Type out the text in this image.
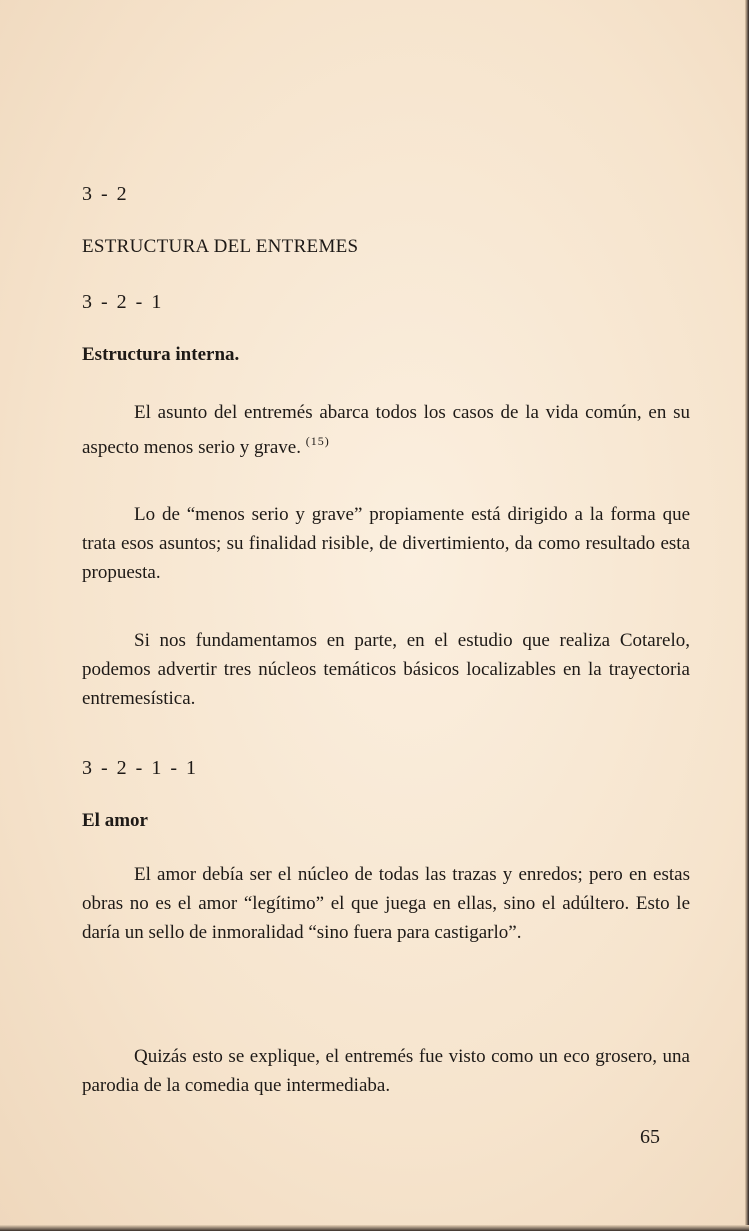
3 - 2
ESTRUCTURA DEL ENTREMES
3 - 2 - 1
Estructura interna.
El asunto del entremés abarca todos los casos de la vida común, en su aspecto menos serio y grave. $^{(15)}$
Lo de “menos serio y grave” propiamente está dirigido a la forma que trata esos asuntos; su finalidad risible, de divertimiento, da como resultado esta propuesta.
Si nos fundamentamos en parte, en el estudio que realiza Cotarelo, podemos advertir tres núcleos temáticos básicos localizables en la trayectoria entremesística.
3 - 2 - 1 - 1
El amor
El amor debía ser el núcleo de todas las trazas y enredos; pero en estas obras no es el amor “legítimo” el que juega en ellas, sino el adúltero. Esto le daría un sello de inmoralidad “sino fuera para castigarlo”.
Quizás esto se explique, el entremés fue visto como un eco grosero, una parodia de la comedia que intermediaba.
65
